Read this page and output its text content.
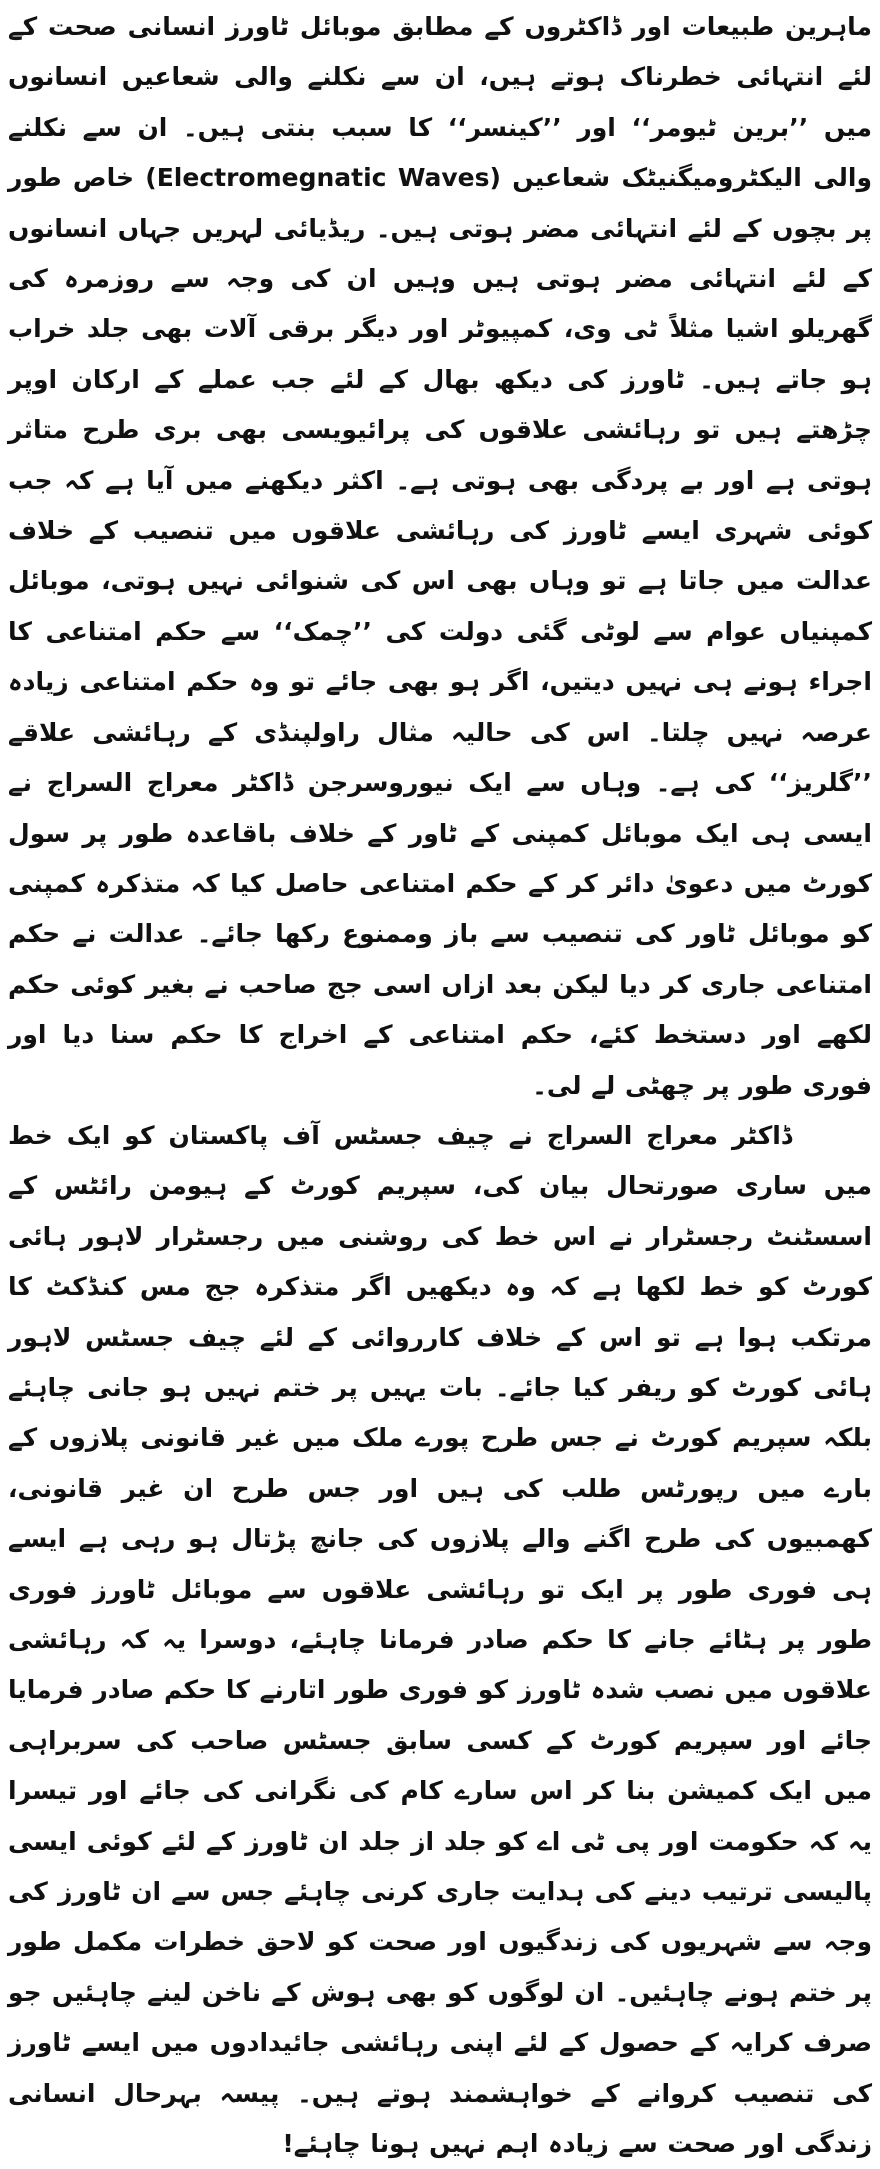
ماہرین طبیعات اور ڈاکٹروں کے مطابق موبائل ٹاورز انسانی صحت کے لئے انتہائی خطرناک ہوتے ہیں، ان سے نکلنے والی شعاعیں انسانوں میں ’’برین ٹیومر‘‘ اور ’’کینسر‘‘ کا سبب بنتی ہیں۔ ان سے نکلنے والی الیکٹرومیگنیٹک شعاعیں (Electromegnatic Waves) خاص طور پر بچوں کے لئے انتہائی مضر ہوتی ہیں۔ ریڈیائی لہریں جہاں انسانوں کے لئے انتہائی مضر ہوتی ہیں وہیں ان کی وجہ سے روزمرہ کی گھریلو اشیا مثلاً ٹی وی، کمپیوٹر اور دیگر برقی آلات بھی جلد خراب ہو جاتے ہیں۔ ٹاورز کی دیکھ بھال کے لئے جب عملے کے ارکان اوپر چڑھتے ہیں تو رہائشی علاقوں کی پرائیویسی بھی بری طرح متاثر ہوتی ہے اور بے پردگی بھی ہوتی ہے۔ اکثر دیکھنے میں آیا ہے کہ جب کوئی شہری ایسے ٹاورز کی رہائشی علاقوں میں تنصیب کے خلاف عدالت میں جاتا ہے تو وہاں بھی اس کی شنوائی نہیں ہوتی، موبائل کمپنیاں عوام سے لوٹی گئی دولت کی ’’چمک‘‘ سے حکم امتناعی کا اجراء ہونے ہی نہیں دیتیں، اگر ہو بھی جائے تو وہ حکم امتناعی زیادہ عرصہ نہیں چلتا۔ اس کی حالیہ مثال راولپنڈی کے رہائشی علاقے ’’گلریز‘‘ کی ہے۔ وہاں سے ایک نیوروسرجن ڈاکٹر معراج السراج نے ایسی ہی ایک موبائل کمپنی کے ٹاور کے خلاف باقاعدہ طور پر سول کورٹ میں دعویٰ دائر کر کے حکم امتناعی حاصل کیا کہ متذکرہ کمپنی کو موبائل ٹاور کی تنصیب سے باز وممنوع رکھا جائے۔ عدالت نے حکم امتناعی جاری کر دیا لیکن بعد ازاں اسی جج صاحب نے بغیر کوئی حکم لکھے اور دستخط کئے، حکم امتناعی کے اخراج کا حکم سنا دیا اور فوری طور پر چھٹی لے لی۔

ڈاکٹر معراج السراج نے چیف جسٹس آف پاکستان کو ایک خط میں ساری صورتحال بیان کی، سپریم کورٹ کے ہیومن رائٹس کے اسسٹنٹ رجسٹرار نے اس خط کی روشنی میں رجسٹرار لاہور ہائی کورٹ کو خط لکھا ہے کہ وہ دیکھیں اگر متذکرہ جج مس کنڈکٹ کا مرتکب ہوا ہے تو اس کے خلاف کارروائی کے لئے چیف جسٹس لاہور ہائی کورٹ کو ریفر کیا جائے۔ بات یہیں پر ختم نہیں ہو جانی چاہئے بلکہ سپریم کورٹ نے جس طرح پورے ملک میں غیر قانونی پلازوں کے بارے میں رپورٹس طلب کی ہیں اور جس طرح ان غیر قانونی، کھمبیوں کی طرح اگنے والے پلازوں کی جانچ پڑتال ہو رہی ہے ایسے ہی فوری طور پر ایک تو رہائشی علاقوں سے موبائل ٹاورز فوری طور پر ہٹائے جانے کا حکم صادر فرمانا چاہئے، دوسرا یہ کہ رہائشی علاقوں میں نصب شدہ ٹاورز کو فوری طور اتارنے کا حکم صادر فرمایا جائے اور سپریم کورٹ کے کسی سابق جسٹس صاحب کی سربراہی میں ایک کمیشن بنا کر اس سارے کام کی نگرانی کی جائے اور تیسرا یہ کہ حکومت اور پی ٹی اے کو جلد از جلد ان ٹاورز کے لئے کوئی ایسی پالیسی ترتیب دینے کی ہدایت جاری کرنی چاہئے جس سے ان ٹاورز کی وجہ سے شہریوں کی زندگیوں اور صحت کو لاحق خطرات مکمل طور پر ختم ہونے چاہئیں۔ ان لوگوں کو بھی ہوش کے ناخن لینے چاہئیں جو صرف کرایہ کے حصول کے لئے اپنی رہائشی جائیدادوں میں ایسے ٹاورز کی تنصیب کروانے کے خواہشمند ہوتے ہیں۔ پیسہ بہرحال انسانی زندگی اور صحت سے زیادہ اہم نہیں ہونا چاہئے!
